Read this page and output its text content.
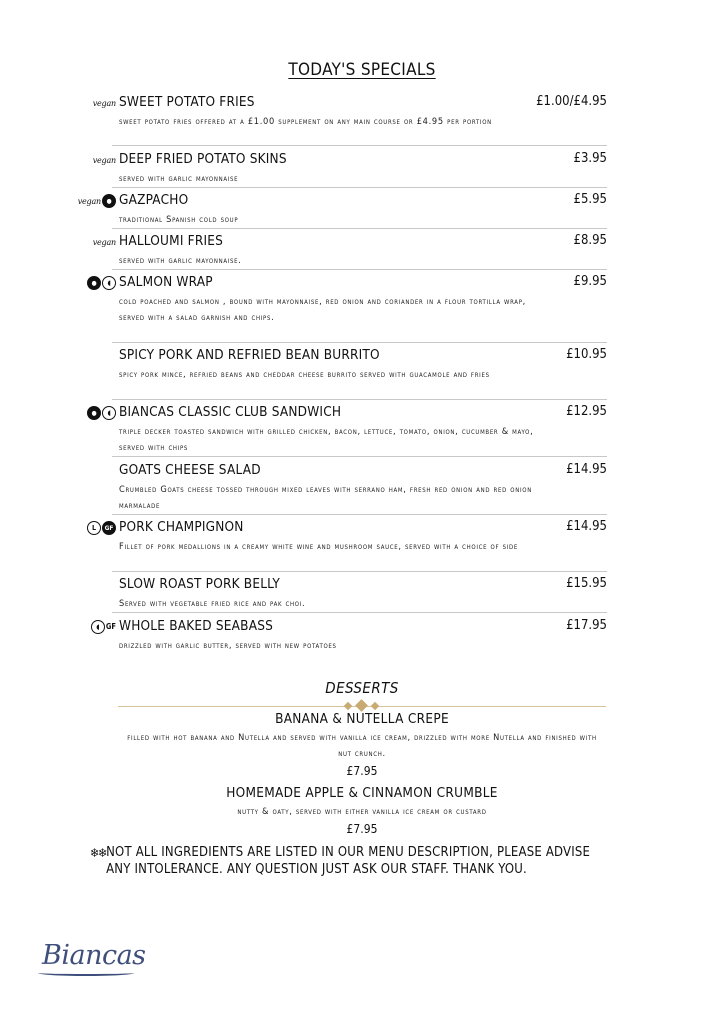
TODAY'S SPECIALS
vegan SWEET POTATO FRIES	£1.00/£4.95
sweet potato fries offered at a £1.00 supplement on any main course or £4.95 per portion
vegan DEEP FRIED POTATO SKINS	£3.95
served with garlic mayonnaise
vegan ● GAZPACHO	£5.95
traditional Spanish cold soup
vegan HALLOUMI FRIES	£8.95
served with garlic mayonnaise.
●	◖ SALMON WRAP	£9.95
cold poached and salmon , bound with mayonnaise, red onion and coriander in a flour tortilla wrap, served with a salad garnish and chips.
SPICY PORK AND REFRIED BEAN BURRITO	£10.95
spicy pork mince, refried beans and cheddar cheese burrito served with guacamole and fries
●	◖ BIANCAS CLASSIC CLUB SANDWICH	£12.95
triple decker toasted sandwich with grilled chicken, bacon, lettuce, tomato, onion, cucumber & mayo, served with chips
GOATS CHEESE SALAD	£14.95
Crumbled Goats cheese tossed through mixed leaves with serrano ham, fresh red onion and red onion marmalade
L	GF PORK CHAMPIGNON	£14.95
Fillet of pork medallions in a creamy white wine and mushroom sauce, served with a choice of side
SLOW ROAST PORK BELLY	£15.95
Served with vegetable fried rice and pak choi.
◖ GF WHOLE BAKED SEABASS	£17.95
drizzled with garlic butter, served with new potatoes
DESSERTS
BANANA & NUTELLA CREPE
filled with hot banana and Nutella and served with vanilla ice cream, drizzled with more Nutella and finished with nut crunch.
£7.95
HOMEMADE APPLE & CINNAMON CRUMBLE
nutty & oaty, served with either vanilla ice cream or custard
£7.95
❄❄ NOT ALL INGREDIENTS ARE LISTED IN OUR MENU DESCRIPTION, PLEASE ADVISE ANY INTOLERANCE. ANY QUESTION JUST ASK OUR STAFF. THANK YOU.
Biancas
